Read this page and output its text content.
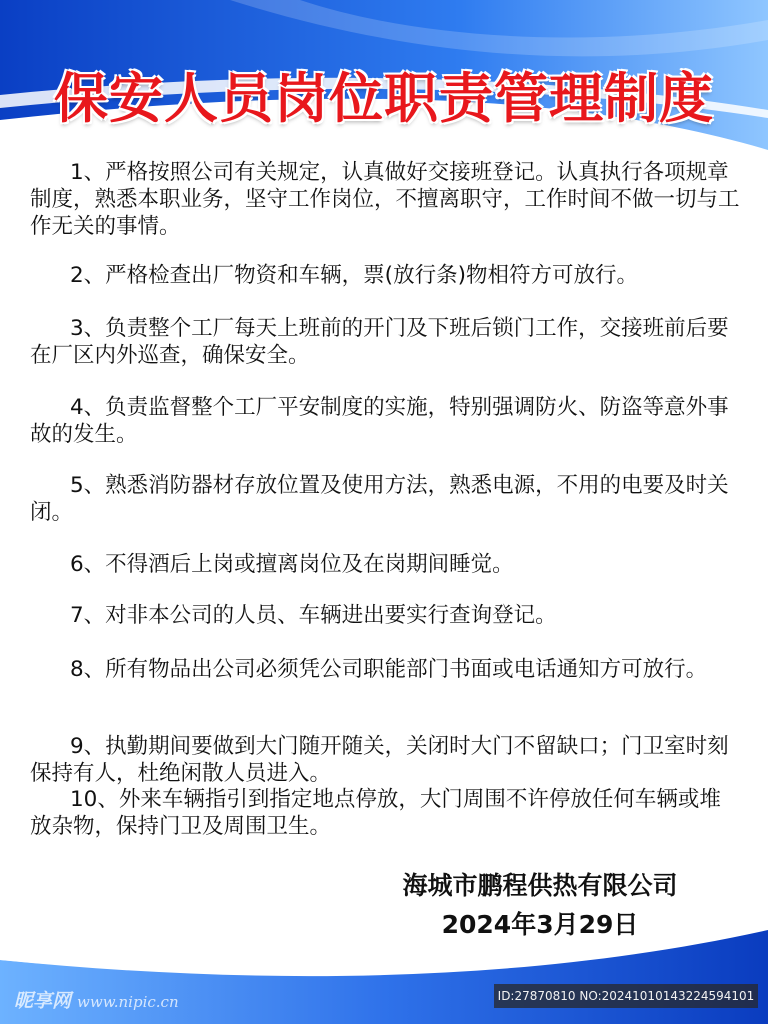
保安人员岗位职责管理制度

1、严格按照公司有关规定，认真做好交接班登记。认真执行各项规章制度，熟悉本职业务，坚守工作岗位，不擅离职守，工作时间不做一切与工作无关的事情。

2、严格检查出厂物资和车辆，票(放行条)物相符方可放行。

3、负责整个工厂每天上班前的开门及下班后锁门工作，交接班前后要在厂区内外巡查，确保安全。

4、负责监督整个工厂平安制度的实施，特别强调防火、防盗等意外事故的发生。

5、熟悉消防器材存放位置及使用方法，熟悉电源，不用的电要及时关闭。

6、不得酒后上岗或擅离岗位及在岗期间睡觉。

7、对非本公司的人员、车辆进出要实行查询登记。

8、所有物品出公司必须凭公司职能部门书面或电话通知方可放行。

9、执勤期间要做到大门随开随关，关闭时大门不留缺口；门卫室时刻保持有人，杜绝闲散人员进入。

10、外来车辆指引到指定地点停放，大门周围不许停放任何车辆或堆放杂物，保持门卫及周围卫生。

海城市鹏程供热有限公司
2024年3月29日
昵享网 www.nipic.cn	ID:27870810 NO:20241010143224594101
